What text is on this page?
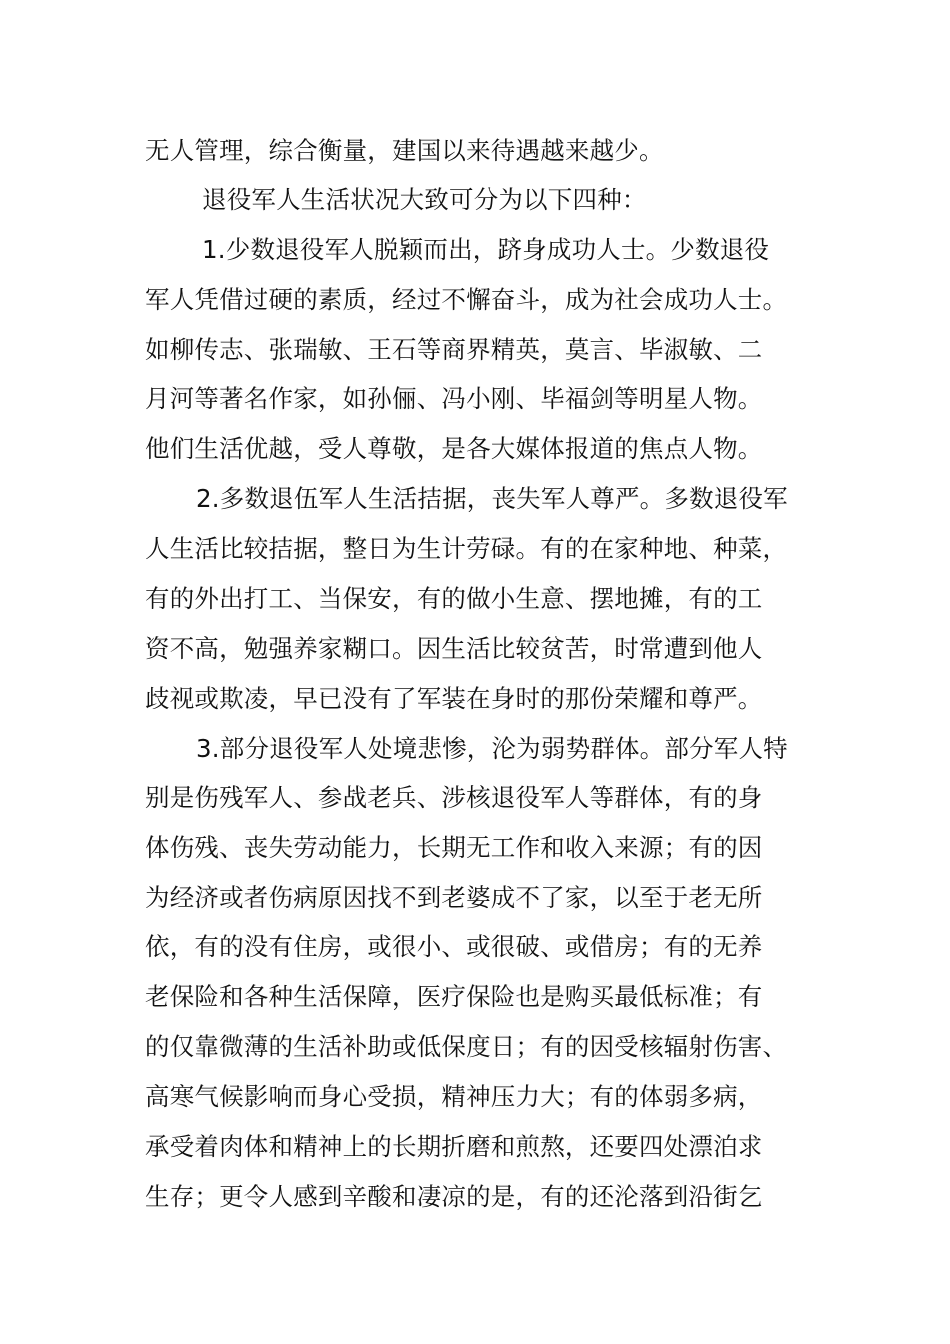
无人管理，综合衡量，建国以来待遇越来越少。
退役军人生活状况大致可分为以下四种：
1.少数退役军人脱颖而出，跻身成功人士。少数退役
军人凭借过硬的素质，经过不懈奋斗，成为社会成功人士。
如柳传志、张瑞敏、王石等商界精英，莫言、毕淑敏、二
月河等著名作家，如孙俪、冯小刚、毕福剑等明星人物。
他们生活优越，受人尊敬，是各大媒体报道的焦点人物。
2.多数退伍军人生活拮据，丧失军人尊严。多数退役军
人生活比较拮据，整日为生计劳碌。有的在家种地、种菜，
有的外出打工、当保安，有的做小生意、摆地摊，有的工
资不高，勉强养家糊口。因生活比较贫苦，时常遭到他人
歧视或欺凌，早已没有了军装在身时的那份荣耀和尊严。
3.部分退役军人处境悲惨，沦为弱势群体。部分军人特
别是伤残军人、参战老兵、涉核退役军人等群体，有的身
体伤残、丧失劳动能力，长期无工作和收入来源；有的因
为经济或者伤病原因找不到老婆成不了家，以至于老无所
依，有的没有住房，或很小、或很破、或借房；有的无养
老保险和各种生活保障，医疗保险也是购买最低标准；有
的仅靠微薄的生活补助或低保度日；有的因受核辐射伤害、
高寒气候影响而身心受损，精神压力大；有的体弱多病，
承受着肉体和精神上的长期折磨和煎熬，还要四处漂泊求
生存；更令人感到辛酸和凄凉的是，有的还沦落到沿街乞
